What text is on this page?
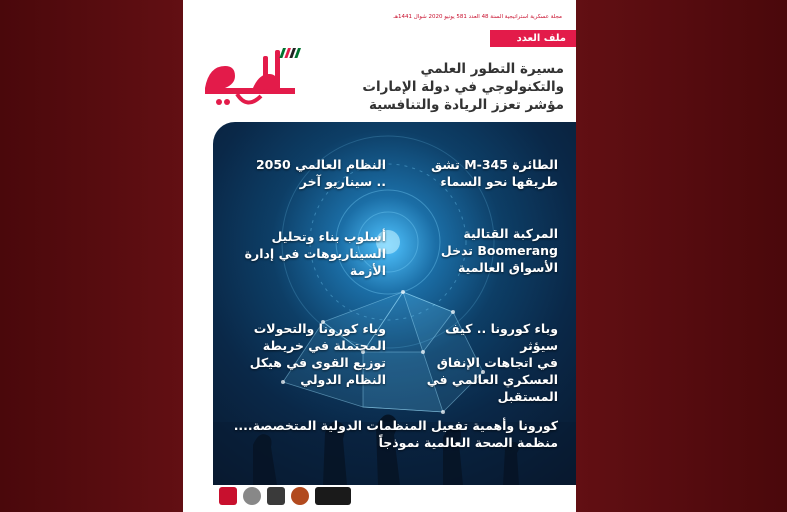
مجلة عسكرية استراتيجية السنة 48 العدد 581 يونيو 2020 شوال 1441هـ
ملف العدد
مسيرة التطور العلمي
والتكنولوجي في دولة الإمارات
مؤشر تعزز الريادة والتنافسية
الطائرة M-345 تشق
طريقها نحو السماء
المركبة القتالية
Boomerang تدخل
الأسواق العالمية
وباء كورونا .. كيف سيؤثر
في اتجاهات الإنفاق
العسكري العالمي في
المستقبل
النظام العالمي 2050
.. سيناريو آخر
أسلوب بناء وتحليل
السيناريوهات في إدارة
الأزمة
وباء كورونا والتحولات
المحتملة في خريطة
توزيع القوى في هيكل
النظام الدولي
كورونا وأهمية تفعيل المنظمات الدولية المتخصصة....
منظمة الصحة العالمية نموذجاً
